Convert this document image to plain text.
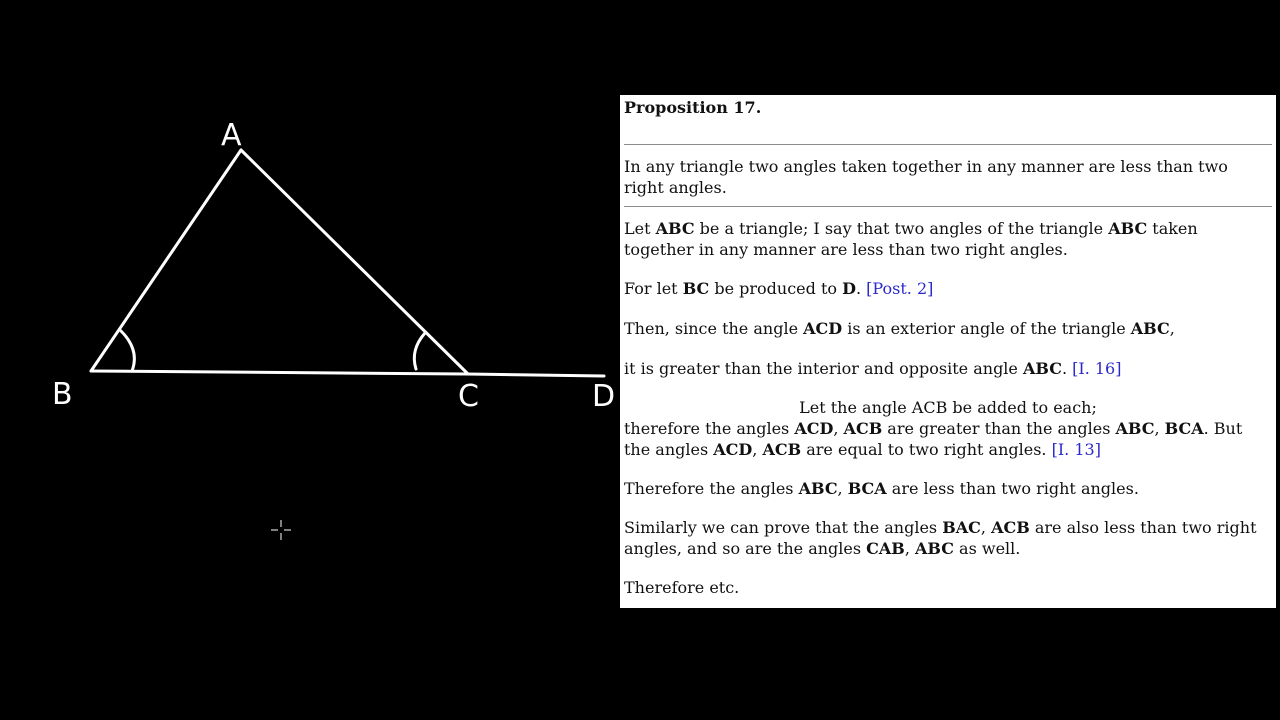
A
B	C	D
Proposition 17.

In any triangle two angles taken together in any manner are less than two right angles.

Let ABC be a triangle; I say that two angles of the triangle ABC taken together in any manner are less than two right angles.

For let BC be produced to D. [Post. 2]

Then, since the angle ACD is an exterior angle of the triangle ABC,

it is greater than the interior and opposite angle ABC. [I. 16]

Let the angle ACB be added to each;

therefore the angles ACD, ACB are greater than the angles ABC, BCA. But the angles ACD, ACB are equal to two right angles. [I. 13]

Therefore the angles ABC, BCA are less than two right angles.

Similarly we can prove that the angles BAC, ACB are also less than two right angles, and so are the angles CAB, ABC as well.

Therefore etc.
